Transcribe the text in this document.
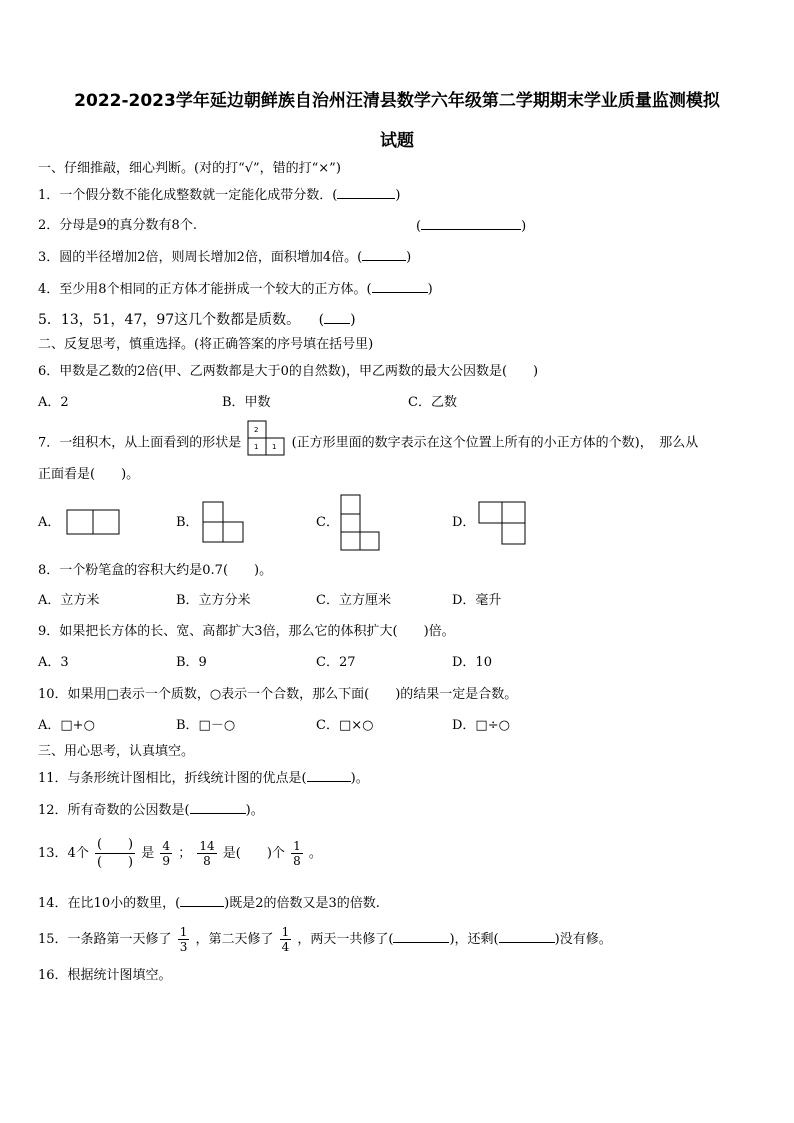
2022-2023学年延边朝鲜族自治州汪清县数学六年级第二学期期末学业质量监测模拟
试题
一、仔细推敲，细心判断。(对的打“√”，错的打“×”)
1．一个假分数不能化成整数就一定能化成带分数．(	)
2．分母是9的真分数有8个.	(	)
3．圆的半径增加2倍，则周长增加2倍，面积增加4倍。(	)
4．至少用8个相同的正方体才能拼成一个较大的正方体。(	)
5．13，51，47，97这几个数都是质数。 ( )
二、反复思考，慎重选择。(将正确答案的序号填在括号里)
6．甲数是乙数的2倍(甲、乙两数都是大于0的自然数)，甲乙两数的最大公因数是(　　)
A．2	B．甲数	C．乙数
7．一组积木，从上面看到的形状是
2
1 1 (正方形里面的数字表示在这个位置上所有的小正方体的个数)，　那么从
正面看是(　　)。
A．	B．	C．	D．
8．一个粉笔盒的容积大约是0.7(　　)。
A．立方米	B．立方分米	C．立方厘米	D．毫升
9．如果把长方体的长、宽、高都扩大3倍，那么它的体积扩大(　　)倍。
A．3	B．9	C．27	D．10
10．如果用□表示一个质数，○表示一个合数，那么下面(　　)的结果一定是合数。
A．□+○	B．□－○	C．□×○	D．□÷○
三、用心思考，认真填空。
11．与条形统计图相比，折线统计图的优点是(	)。
12．所有奇数的公因数是(	)。
13．4个 $\frac{( )}{( )}$ 是 $\frac{4}{9}$ ； $\frac{14}{8}$ 是(　　)个 $\frac{1}{8}$ 。
14．在比10小的数里，(	)既是2的倍数又是3的倍数.
15．一条路第一天修了 $\frac{1}{3}$ ，第二天修了 $\frac{1}{4}$ ，两天一共修了(	)，还剩(	)没有修。
16．根据统计图填空。
